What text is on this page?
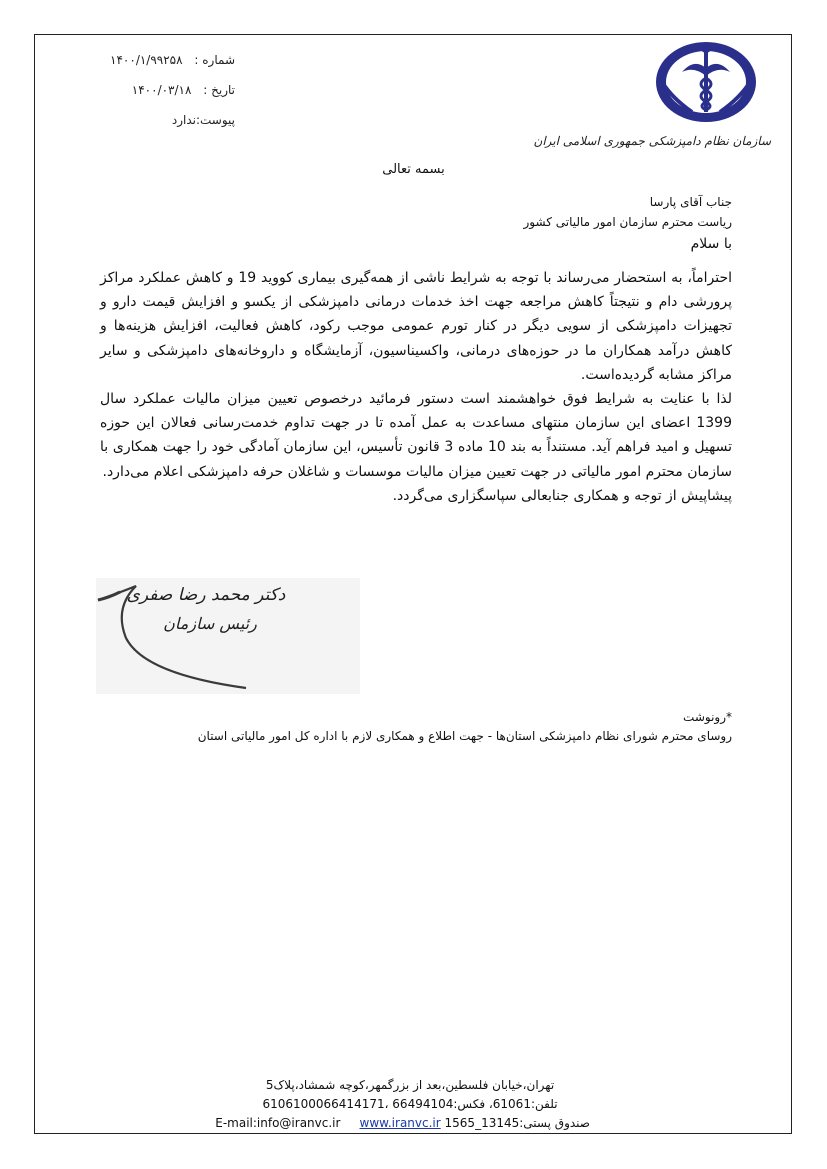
سازمان نظام دامپزشکی جمهوری اسلامی ایران
شماره : ۱۴۰۰/۱/۹۹۲۵۸
تاریخ : ۱۴۰۰/۰۳/۱۸
پیوست:ندارد
بسمه تعالی
جناب آقای پارسا
ریاست محترم سازمان امور مالیاتی کشور
با سلام

احتراماً، به استحضار می‌رساند با توجه به شرایط ناشی از همه‌گیری بیماری کووید 19 و کاهش عملکرد مراکز پرورشی دام و نتیجتاً کاهش مراجعه جهت اخذ خدمات درمانی دامپزشکی از یکسو و افزایش قیمت دارو و تجهیزات دامپزشکی از سویی دیگر در کنار تورم عمومی موجب رکود، کاهش فعالیت، افزایش هزینه‌ها و کاهش درآمد همکاران ما در حوزه‌های درمانی، واکسیناسیون، آزمایشگاه و داروخانه‌های دامپزشکی و سایر مراکز مشابه گردیده‌است.

لذا با عنایت به شرایط فوق خواهشمند است دستور فرمائید درخصوص تعیین میزان مالیات عملکرد سال 1399 اعضای این سازمان منتهای مساعدت به عمل آمده تا در جهت تداوم خدمت‌رسانی فعالان این حوزه تسهیل و امید فراهم آید. مستنداً به بند 10 ماده 3 قانون تأسیس، این سازمان آمادگی خود را جهت همکاری با سازمان محترم امور مالیاتی در جهت تعیین میزان مالیات موسسات و شاغلان حرفه دامپزشکی اعلام می‌دارد.

پیشاپیش از توجه و همکاری جنابعالی سپاسگزاری می‌گردد.

دکتر محمد رضا صفری
رئیس سازمان
*رونوشت
روسای محترم شورای نظام دامپزشکی استان‌ها - جهت اطلاع و همکاری لازم با اداره کل امور مالیاتی استان
تهران،خیابان فلسطین،بعد از بزرگمهر،کوچه شمشاد،پلاک5
تلفن:61061، فکس:66494104 ،6106100066414171
صندوق پستی:13145_1565 E-mail:info@iranvc.ir     www.iranvc.ir
